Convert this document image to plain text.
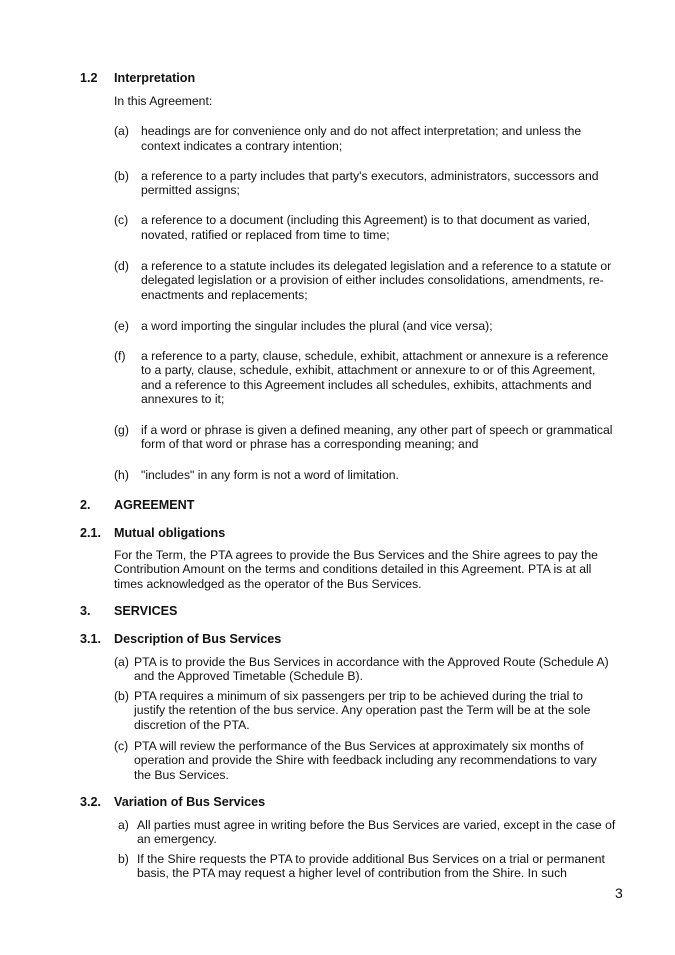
1.2 Interpretation
In this Agreement:
(a) headings are for convenience only and do not affect interpretation; and unless the
context indicates a contrary intention;
(b) a reference to a party includes that party's executors, administrators, successors and
permitted assigns;
(c) a reference to a document (including this Agreement) is to that document as varied,
novated, ratified or replaced from time to time;
(d) a reference to a statute includes its delegated legislation and a reference to a statute or
delegated legislation or a provision of either includes consolidations, amendments, re-
enactments and replacements;
(e) a word importing the singular includes the plural (and vice versa);
(f) a reference to a party, clause, schedule, exhibit, attachment or annexure is a reference
to a party, clause, schedule, exhibit, attachment or annexure to or of this Agreement,
and a reference to this Agreement includes all schedules, exhibits, attachments and
annexures to it;
(g) if a word or phrase is given a defined meaning, any other part of speech or grammatical
form of that word or phrase has a corresponding meaning; and
(h) "includes" in any form is not a word of limitation.
2. AGREEMENT
2.1. Mutual obligations
For the Term, the PTA agrees to provide the Bus Services and the Shire agrees to pay the
Contribution Amount on the terms and conditions detailed in this Agreement. PTA is at all
times acknowledged as the operator of the Bus Services.
3. SERVICES
3.1. Description of Bus Services
(a) PTA is to provide the Bus Services in accordance with the Approved Route (Schedule A)
and the Approved Timetable (Schedule B).
(b) PTA requires a minimum of six passengers per trip to be achieved during the trial to
justify the retention of the bus service. Any operation past the Term will be at the sole
discretion of the PTA.
(c) PTA will review the performance of the Bus Services at approximately six months of
operation and provide the Shire with feedback including any recommendations to vary
the Bus Services.
3.2. Variation of Bus Services
a) All parties must agree in writing before the Bus Services are varied, except in the case of
an emergency.
b) If the Shire requests the PTA to provide additional Bus Services on a trial or permanent
basis, the PTA may request a higher level of contribution from the Shire. In such
3
